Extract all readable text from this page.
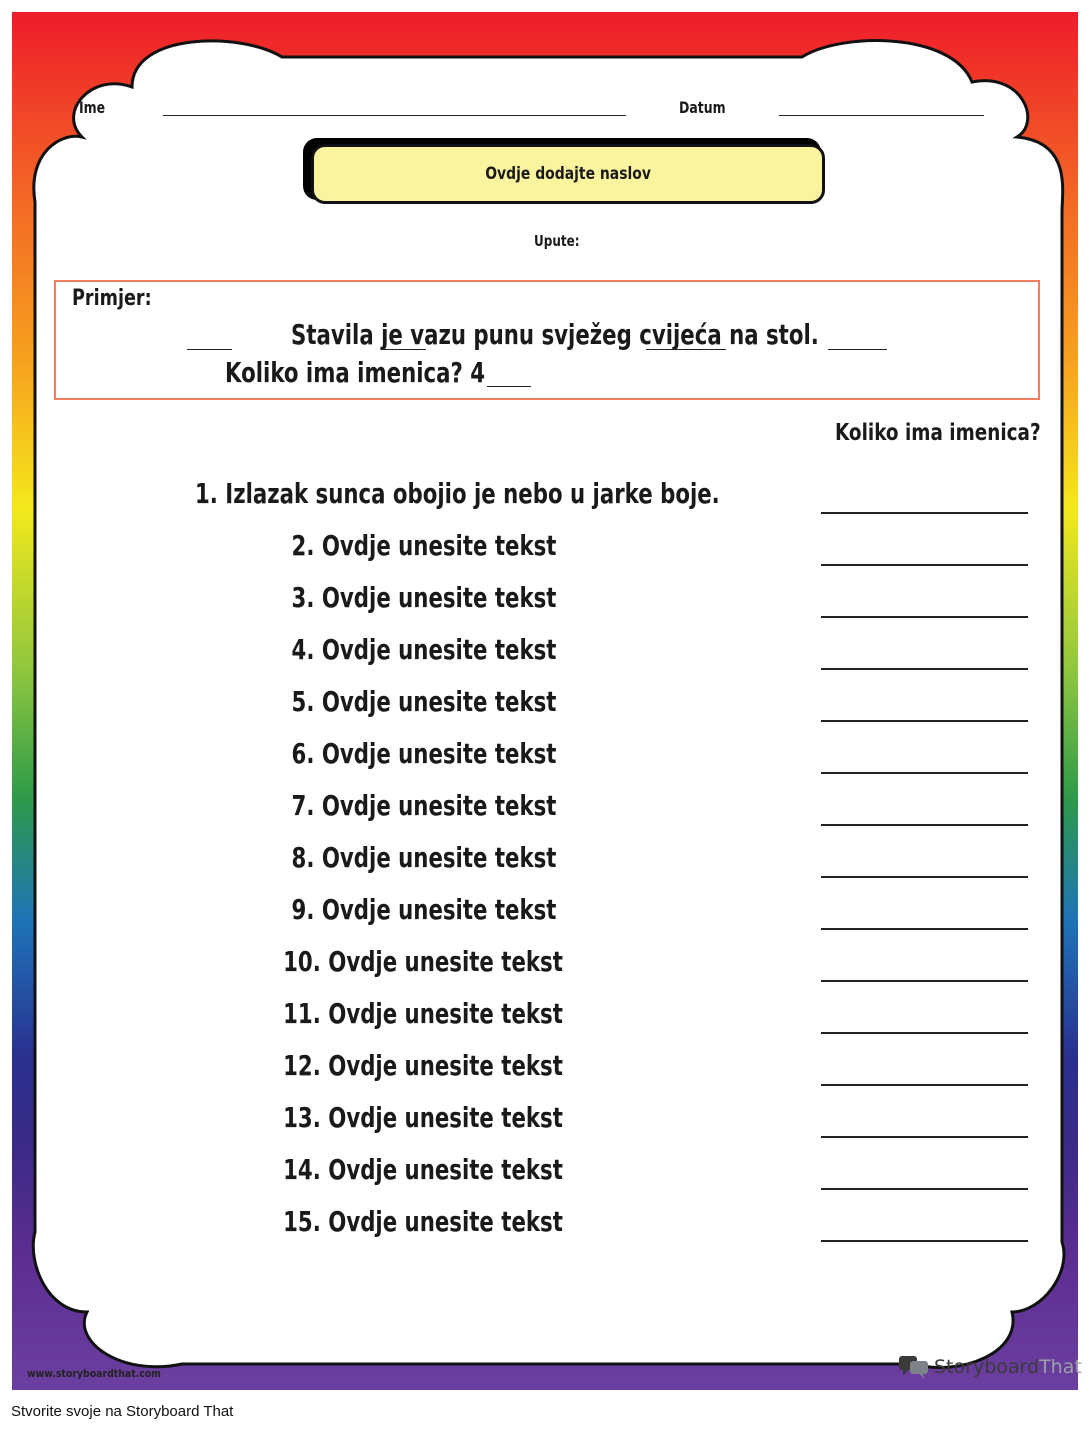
Ime	Datum
Ovdje dodajte naslov
Upute:
Primjer:
Stavila je vazu punu svježeg cvijeća na stol.
Koliko ima imenica? 4
Koliko ima imenica?
1. Izlazak sunca obojio je nebo u jarke boje.
2. Ovdje unesite tekst
3. Ovdje unesite tekst
4. Ovdje unesite tekst
5. Ovdje unesite tekst
6. Ovdje unesite tekst
7. Ovdje unesite tekst
8. Ovdje unesite tekst
9. Ovdje unesite tekst
10. Ovdje unesite tekst
11. Ovdje unesite tekst
12. Ovdje unesite tekst
13. Ovdje unesite tekst
14. Ovdje unesite tekst
15. Ovdje unesite tekst
www.storyboardthat.com	StoryboardThat
Stvorite svoje na Storyboard That
